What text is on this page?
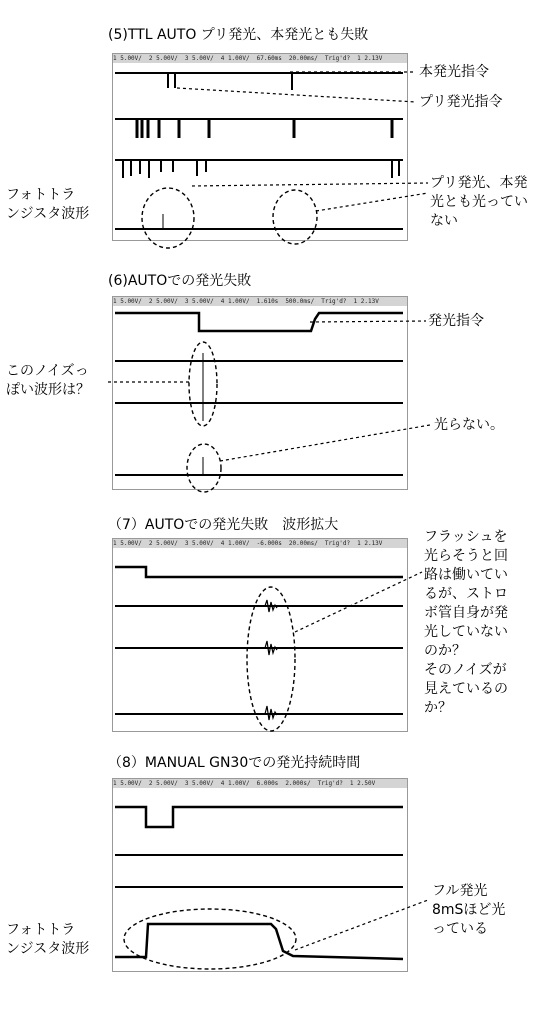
(5)TTL AUTO プリ発光、本発光とも失敗
1 5.00V/ 2 5.00V/ 3 5.00V/ 4 1.00V/ 67.60ms 20.00ms/ Trig'd? 1 2.13V
本発光指令
プリ発光指令
プリ発光、本発
光とも光ってい
ない
フォトトラ
ンジスタ波形
(6)AUTOでの発光失敗
1 5.00V/ 2 5.00V/ 3 5.00V/ 4 1.00V/ 1.610s 500.0ms/ Trig'd? 1 2.13V
発光指令
このノイズっ
ぽい波形は？
光らない。
（7）AUTOでの発光失敗　波形拡大
1 5.00V/ 2 5.00V/ 3 5.00V/ 4 1.00V/ -6.000s 20.00ms/ Trig'd? 1 2.13V	フラッシュを
光らそうと回
路は働いてい
るが、ストロ
ボ管自身が発
光していない
のか？
そのノイズが
見えているの
か？
（8）MANUAL GN30での発光持続時間
1 5.00V/ 2 5.00V/ 3 5.00V/ 4 1.00V/ 6.000s 2.000s/ Trig'd? 1 2.50V
フル発光
8mSほど光
っている
フォトトラ
ンジスタ波形
